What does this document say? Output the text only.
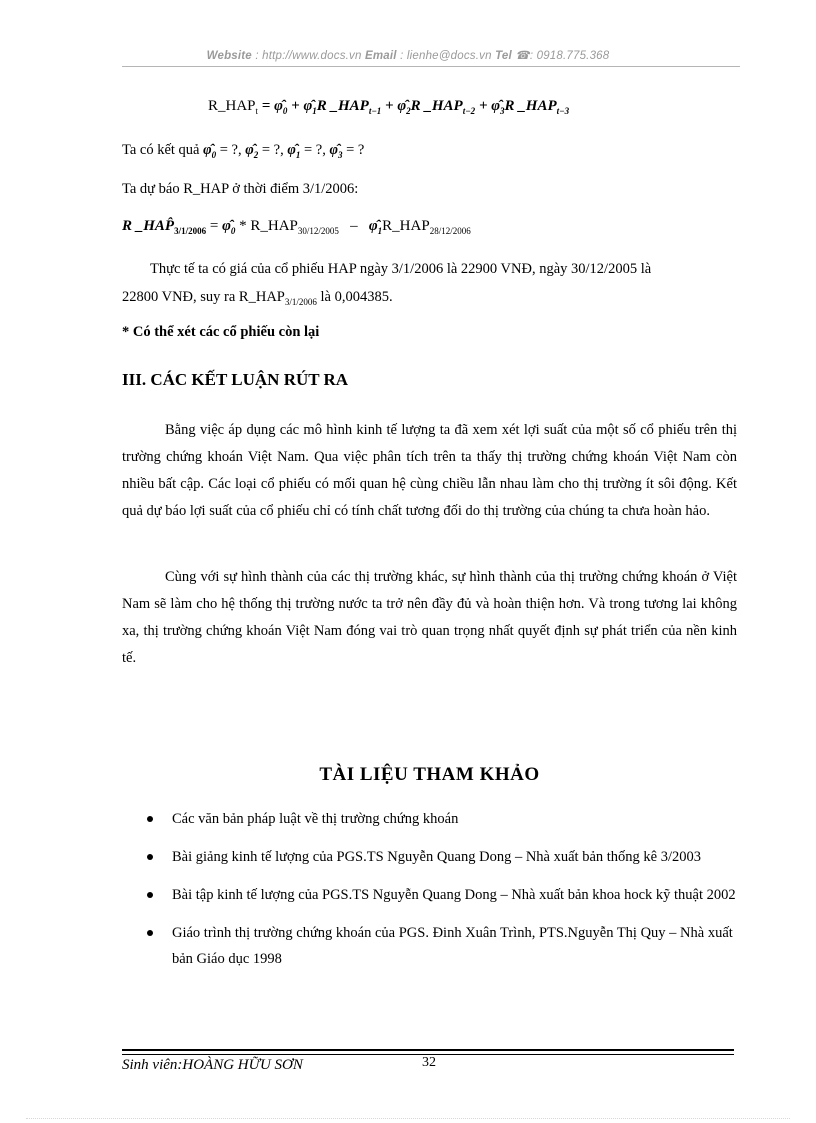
Website : http://www.docs.vn Email : lienhe@docs.vn Tel ☎: 0918.775.368
$R\_HAP_t$ = $\varphî_0$ + $\varphî_1R$ $\_HAP_{t-1}$ + $\varphî_2R$ $\_HAP_{t-2}$ + $\varphî_3R$ $\_HAP_{t-3}$
Ta có kết quả $\varphî_0$ = ?, $\varphî_2$ = ?, $\varphî_1$ = ?, $\varphî_3$ = ?
Ta dự báo R_HAP ở thời điểm 3/1/2006:
R $\_HAP̂_{3/1/2006}$ = $\varphî_0$ * $R\_HAP_{30/12/2005}$ – $\varphî_1R\_HAP_{28/12/2006}$
Thực tế ta có giá của cổ phiếu HAP ngày 3/1/2006 là 22900 VNĐ, ngày 30/12/2005 là
22800 VNĐ, suy ra $R\_HAP_{3/1/2006}$ là 0,004385.
* Có thể xét các cổ phiếu còn lại
III. CÁC KẾT LUẬN RÚT RA
Bằng việc áp dụng các mô hình kinh tế lượng ta đã xem xét lợi suất của một số cổ phiếu trên thị trường chứng khoán Việt Nam. Qua việc phân tích trên ta thấy thị trường chứng khoán Việt Nam còn nhiều bất cập. Các loại cổ phiếu có mối quan hệ cùng chiều lẫn nhau làm cho thị trường ít sôi động. Kết quả dự báo lợi suất của cổ phiếu chỉ có tính chất tương đối do thị trường của chúng ta chưa hoàn hảo.
Cùng với sự hình thành của các thị trường khác, sự hình thành của thị trường chứng khoán ở Việt Nam sẽ làm cho hệ thống thị trường nước ta trở nên đầy đủ và hoàn thiện hơn. Và trong tương lai không xa, thị trường chứng khoán Việt Nam đóng vai trò quan trọng nhất quyết định sự phát triển của nền kinh tế.
TÀI LIỆU THAM KHẢO
Các văn bản pháp luật về thị trường chứng khoán
Bài giảng kinh tế lượng của PGS.TS Nguyễn Quang Dong – Nhà xuất bản thống kê 3/2003
Bài tập kinh tế lượng của PGS.TS Nguyễn Quang Dong – Nhà xuất bản khoa hock kỹ thuật 2002
Giáo trình thị trường chứng khoán của PGS. Đinh Xuân Trình, PTS.Nguyễn Thị Quy – Nhà xuất bản Giáo dục 1998
Sinh viên:HOÀNG HỮU SƠN	32
